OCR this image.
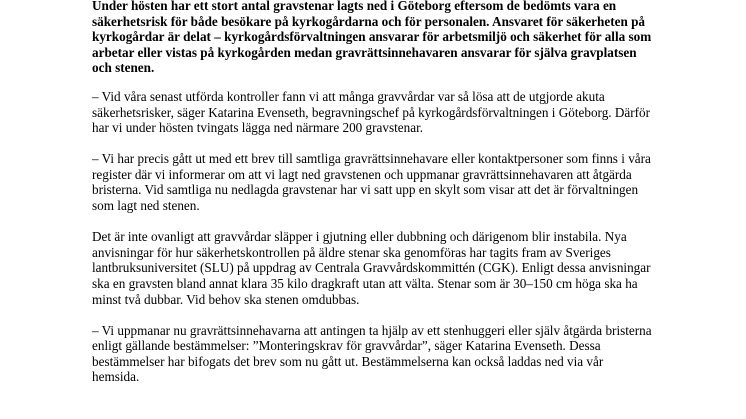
Under hösten har ett stort antal gravstenar lagts ned i Göteborg eftersom de bedömts vara en säkerhetsrisk för både besökare på kyrkogårdarna och för personalen. Ansvaret för säkerheten på kyrkogårdar är delat – kyrkogårdsförvaltningen ansvarar för arbetsmiljö och säkerhet för alla som arbetar eller vistas på kyrkogården medan gravrättsinnehavaren ansvarar för själva gravplatsen och stenen.

– Vid våra senast utförda kontroller fann vi att många gravvårdar var så lösa att de utgjorde akuta säkerhetsrisker, säger Katarina Evenseth, begravningschef på kyrkogårdsförvaltningen i Göteborg. Därför har vi under hösten tvingats lägga ned närmare 200 gravstenar.

– Vi har precis gått ut med ett brev till samtliga gravrättsinnehavare eller kontaktpersoner som finns i våra register där vi informerar om att vi lagt ned gravstenen och uppmanar gravrättsinnehavaren att åtgärda bristerna. Vid samtliga nu nedlagda gravstenar har vi satt upp en skylt som visar att det är förvaltningen som lagt ned stenen.

Det är inte ovanligt att gravvårdar släpper i gjutning eller dubbning och därigenom blir instabila. Nya anvisningar för hur säkerhetskontrollen på äldre stenar ska genomföras har tagits fram av Sveriges lantbruksuniversitet (SLU) på uppdrag av Centrala Gravvårdskommittén (CGK). Enligt dessa anvisningar ska en gravsten bland annat klara 35 kilo dragkraft utan att välta. Stenar som är 30–150 cm höga ska ha minst två dubbar. Vid behov ska stenen omdubbas.

– Vi uppmanar nu gravrättsinnehavarna att antingen ta hjälp av ett stenhuggeri eller själv åtgärda bristerna enligt gällande bestämmelser: ”Monteringskrav för gravvårdar”, säger Katarina Evenseth. Dessa bestämmelser har bifogats det brev som nu gått ut. Bestämmelserna kan också laddas ned via vår hemsida.
